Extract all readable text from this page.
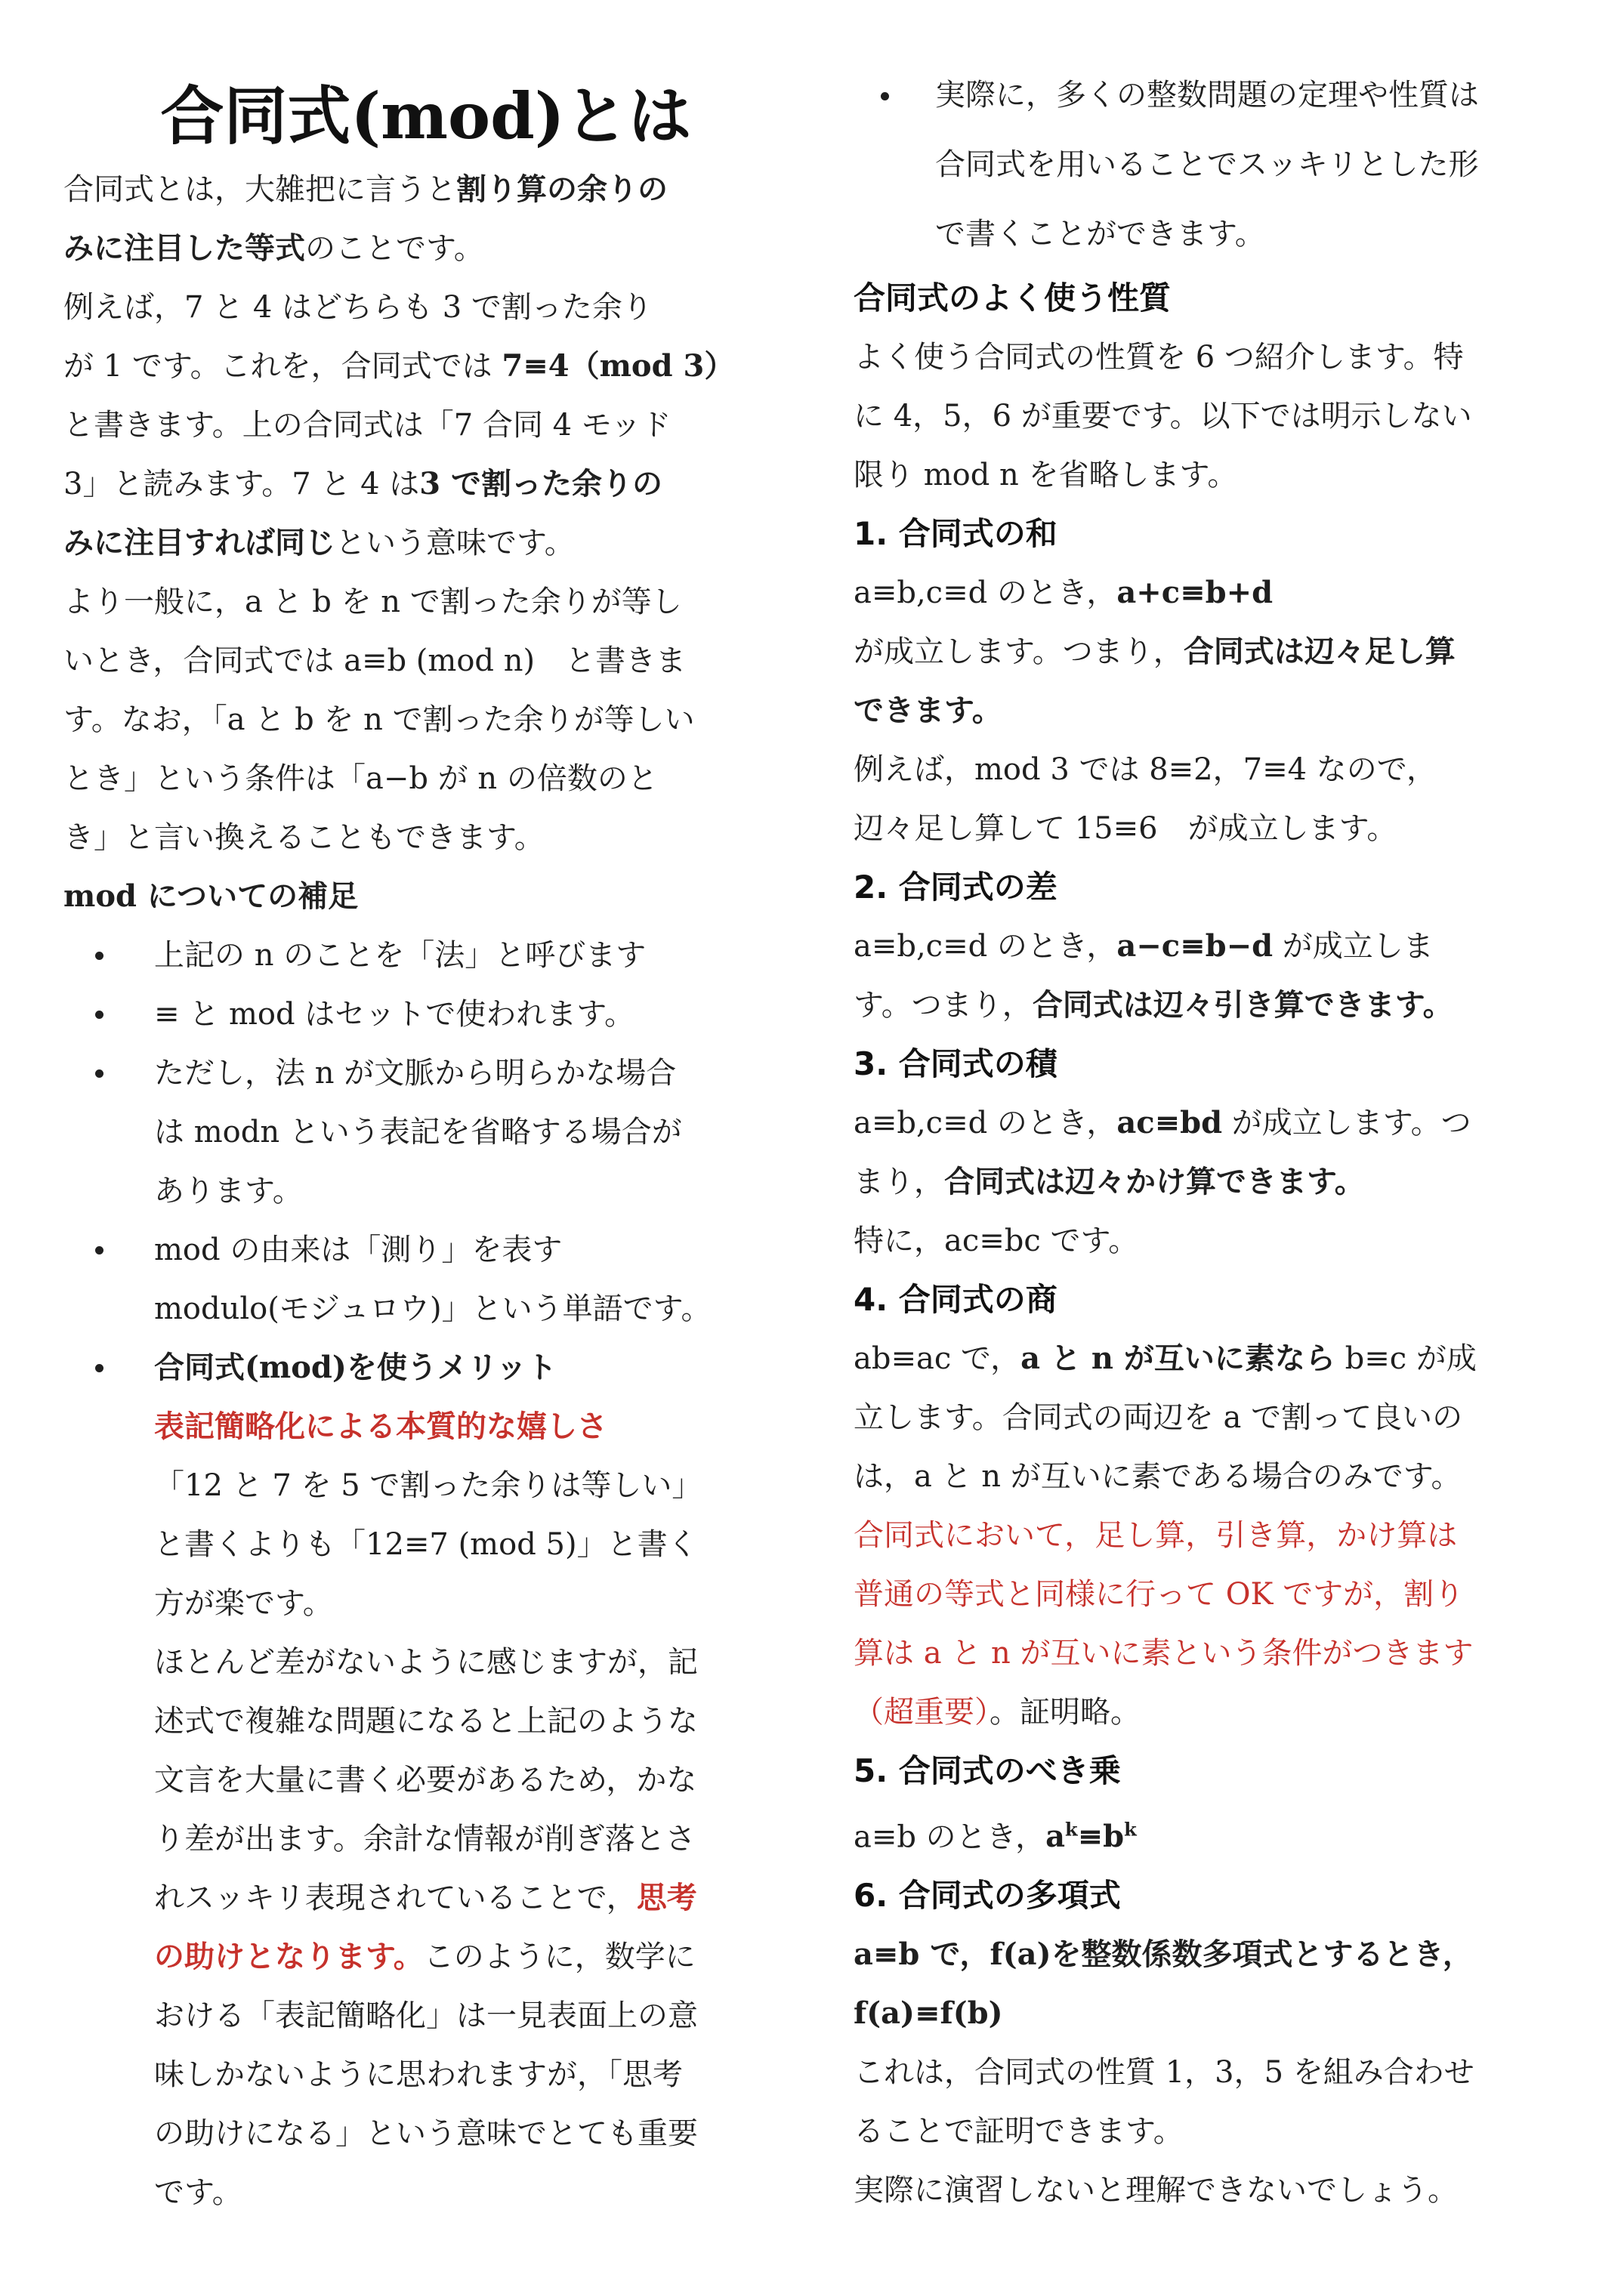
合同式(mod)とは

合同式とは，大雑把に言うと割り算の余りの

みに注目した等式のことです。

例えば，7 と 4 はどちらも 3 で割った余り

が 1 です。これを，合同式では 7≡4（mod 3）

と書きます。上の合同式は「7 合同 4 モッド

3」と読みます。7 と 4 は3 で割った余りの

みに注目すれば同じという意味です。

より一般に，a と b を n で割った余りが等し

いとき，合同式では a≡b (mod n)　と書きま

す。なお，「a と b を n で割った余りが等しい

とき」という条件は「a−b が n の倍数のと

き」と言い換えることもできます。

mod についての補足

上記の n のことを「法」と呼びます
≡ と mod はセットで使われます。
ただし，法 n が文脈から明らかな場合
は modn という表記を省略する場合が
あります。
mod の由来は「測り」を表す
modulo(モジュロウ)」という単語です。
合同式(mod)を使うメリット
表記簡略化による本質的な嬉しさ
「12 と 7 を 5 で割った余りは等しい」
と書くよりも「12≡7 (mod 5)」と書く
方が楽です。
ほとんど差がないように感じますが，記
述式で複雑な問題になると上記のような
文言を大量に書く必要があるため，かな
り差が出ます。余計な情報が削ぎ落とさ
れスッキリ表現されていることで，思考
の助けとなります。このように，数学に
おける「表記簡略化」は一見表面上の意
味しかないように思われますが，「思考
の助けになる」という意味でとても重要
です。
実際に，多くの整数問題の定理や性質は
合同式を用いることでスッキリとした形
で書くことができます。

合同式のよく使う性質

よく使う合同式の性質を 6 つ紹介します。特

に 4，5，6 が重要です。以下では明示しない

限り mod n を省略します。

1. 合同式の和

a≡b,c≡d のとき，a+c≡b+d

が成立します。つまり，合同式は辺々足し算

できます。

例えば，mod 3 では 8≡2，7≡4 なので，

辺々足し算して 15≡6　が成立します。

2. 合同式の差

a≡b,c≡d のとき，a−c≡b−d が成立しま

す。つまり，合同式は辺々引き算できます。

3. 合同式の積

a≡b,c≡d のとき，ac≡bd が成立します。つ

まり，合同式は辺々かけ算できます。

特に，ac≡bc です。

4. 合同式の商

ab≡ac で，a と n が互いに素なら b≡c が成

立します。合同式の両辺を a で割って良いの

は，a と n が互いに素である場合のみです。

合同式において，足し算，引き算，かけ算は

普通の等式と同様に行って OK ですが，割り

算は a と n が互いに素という条件がつきます

（超重要）。証明略。

5. 合同式のべき乗

a≡b のとき，$a^k\equiv b^k$

6. 合同式の多項式

a≡b で，f(a)を整数係数多項式とするとき，

f(a)≡f(b)

これは，合同式の性質 1，3，5 を組み合わせ

ることで証明できます。

実際に演習しないと理解できないでしょう。
